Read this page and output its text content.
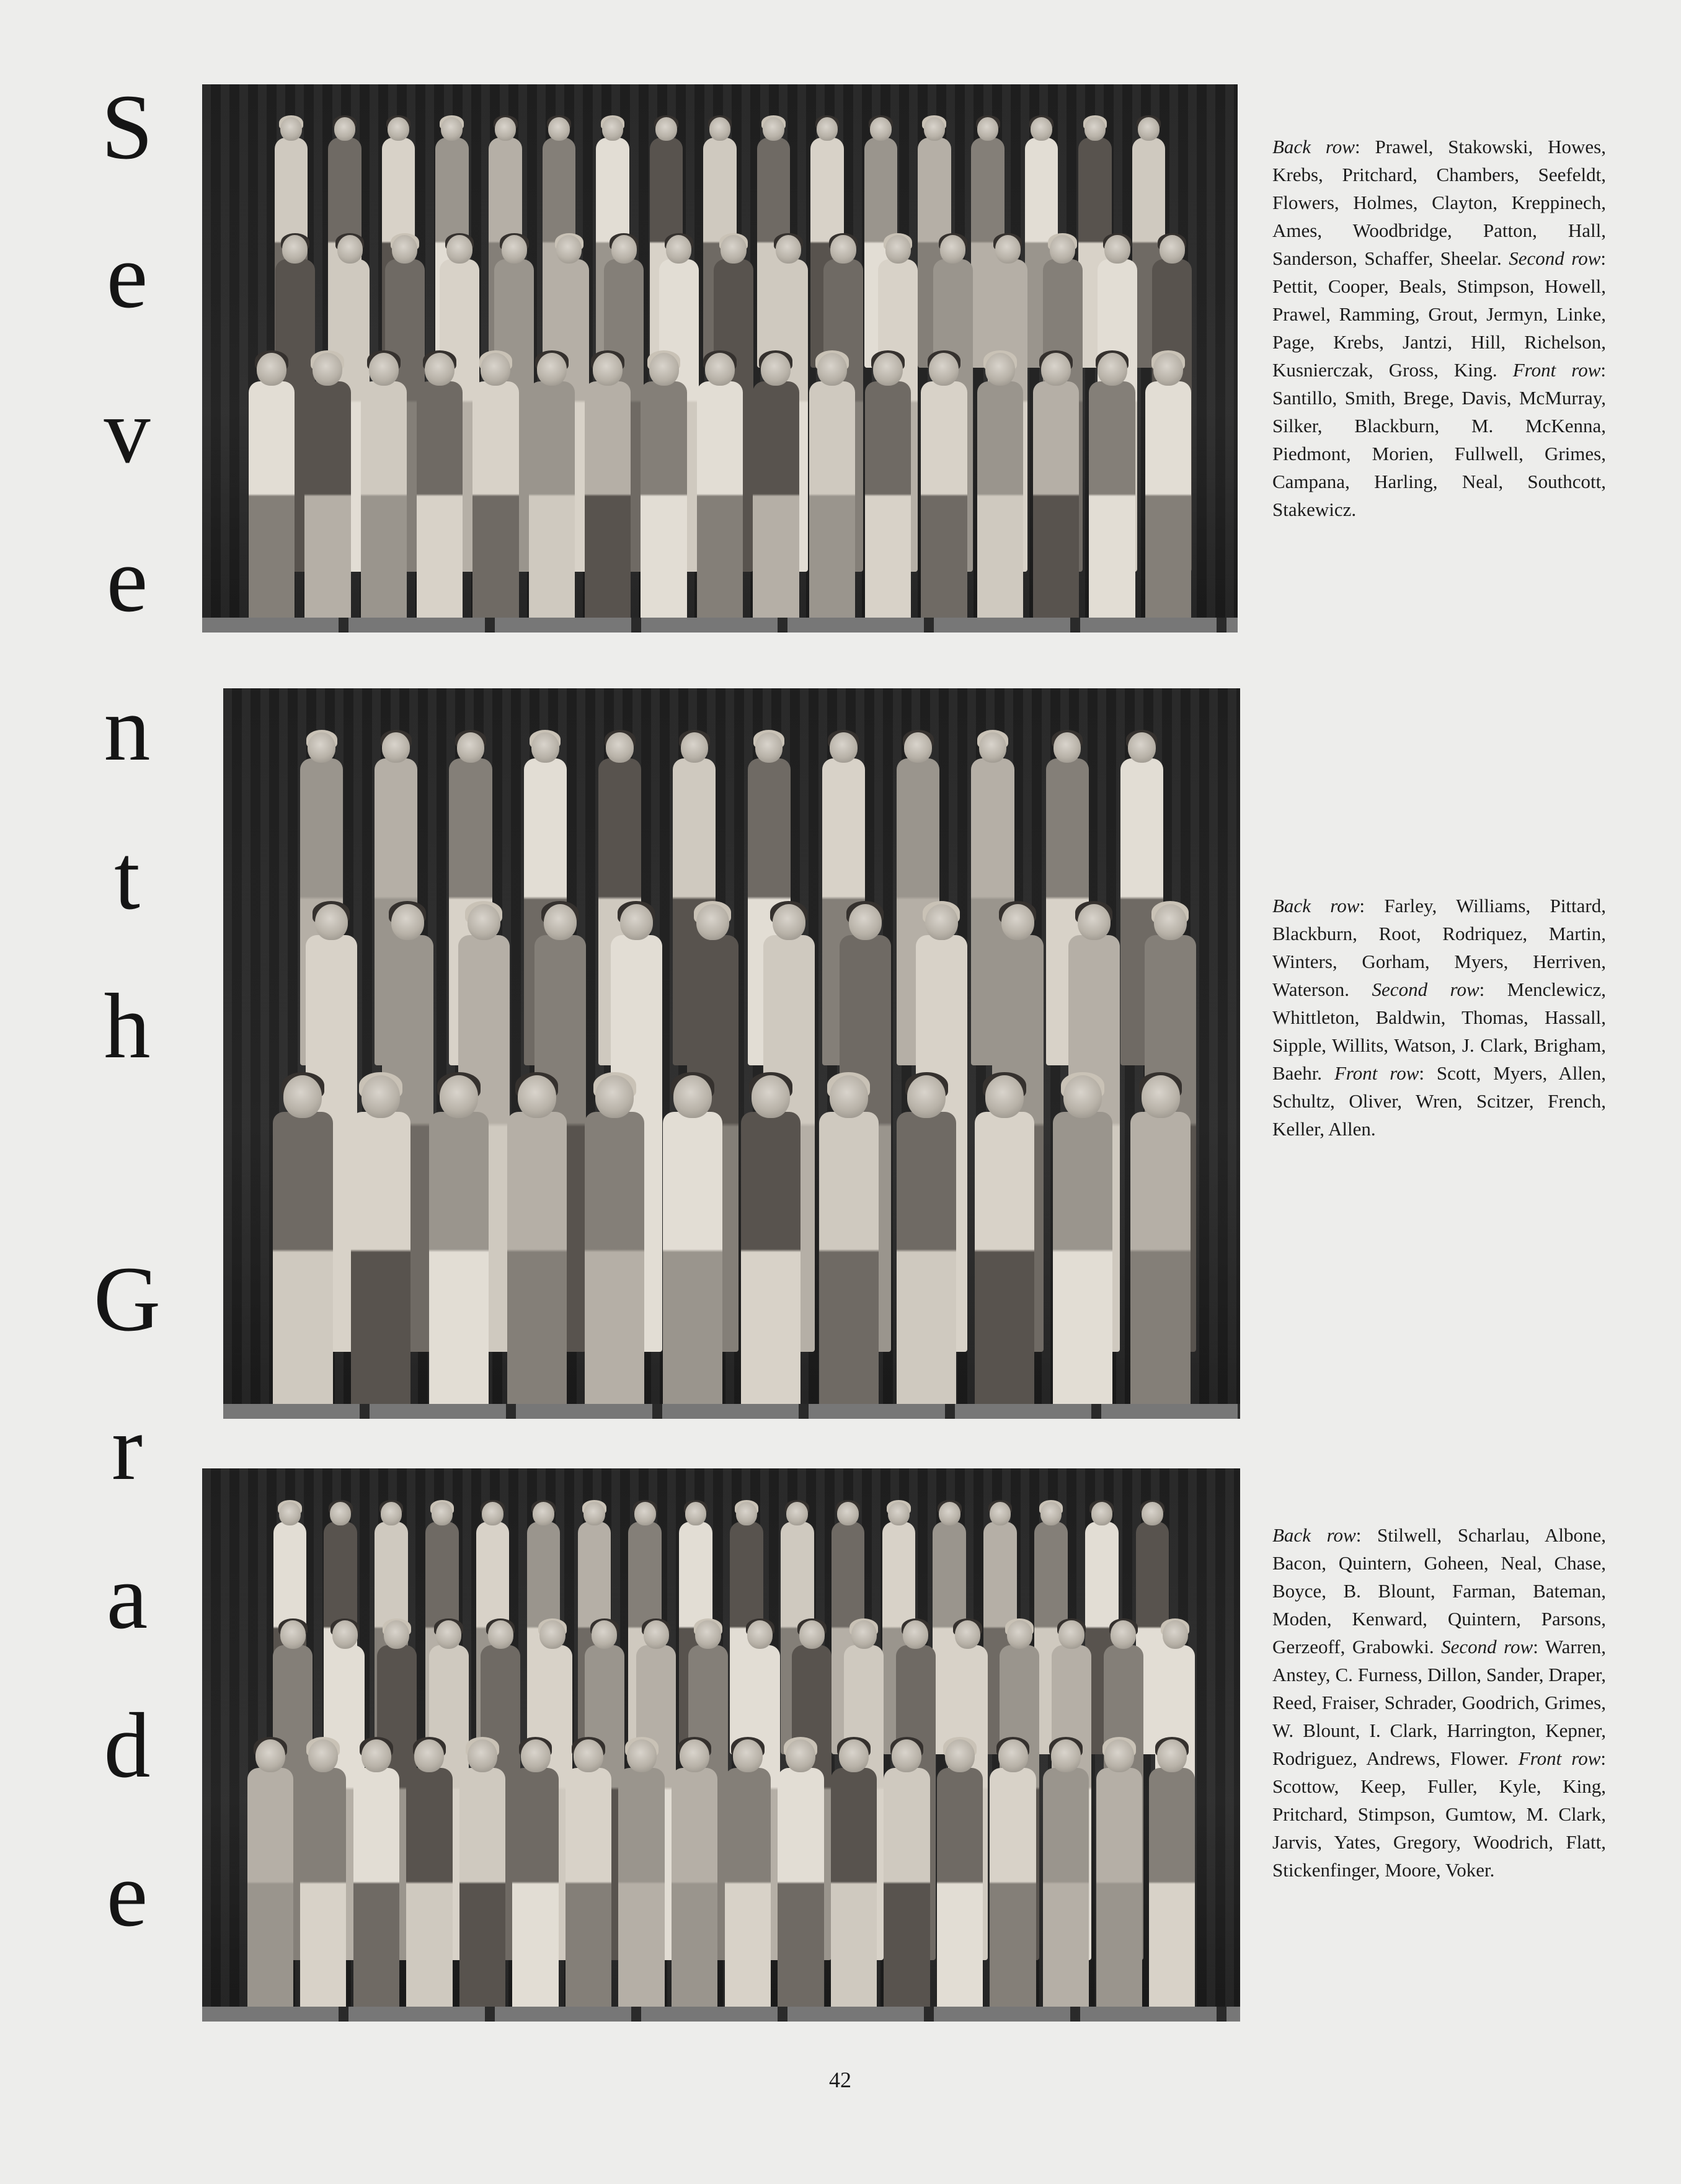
S
e
v
e
n
t
h
G
r
a
d
e
Back row: Prawel, Stakowski, Howes, Krebs, Pritchard, Chambers, Seefeldt, Flowers, Holmes, Clayton, Kreppinech, Ames, Woodbridge, Patton, Hall, Sanderson, Schaffer, Sheelar. Second row: Pettit, Cooper, Beals, Stimpson, Howell, Prawel, Ramming, Grout, Jermyn, Linke, Page, Krebs, Jantzi, Hill, Richelson, Kusnierczak, Gross, King. Front row: Santillo, Smith, Brege, Davis, McMurray, Silker, Blackburn, M. McKenna, Piedmont, Morien, Fullwell, Grimes, Campana, Harling, Neal, Southcott, Stakewicz.
Back row: Farley, Williams, Pittard, Blackburn, Root, Rodriquez, Martin, Winters, Gorham, Myers, Herriven, Waterson. Second row: Menclewicz, Whittleton, Baldwin, Thomas, Hassall, Sipple, Willits, Watson, J. Clark, Brigham, Baehr. Front row: Scott, Myers, Allen, Schultz, Oliver, Wren, Scitzer, French, Keller, Allen.
Back row: Stilwell, Scharlau, Albone, Bacon, Quintern, Goheen, Neal, Chase, Boyce, B. Blount, Farman, Bateman, Moden, Kenward, Quintern, Parsons, Gerzeoff, Grabowki. Second row: Warren, Anstey, C. Furness, Dillon, Sander, Draper, Reed, Fraiser, Schrader, Goodrich, Grimes, W. Blount, I. Clark, Harrington, Kepner, Rodriguez, Andrews, Flower. Front row: Scottow, Keep, Fuller, Kyle, King, Pritchard, Stimpson, Gumtow, M. Clark, Jarvis, Yates, Gregory, Woodrich, Flatt, Stickenfinger, Moore, Voker.
42
